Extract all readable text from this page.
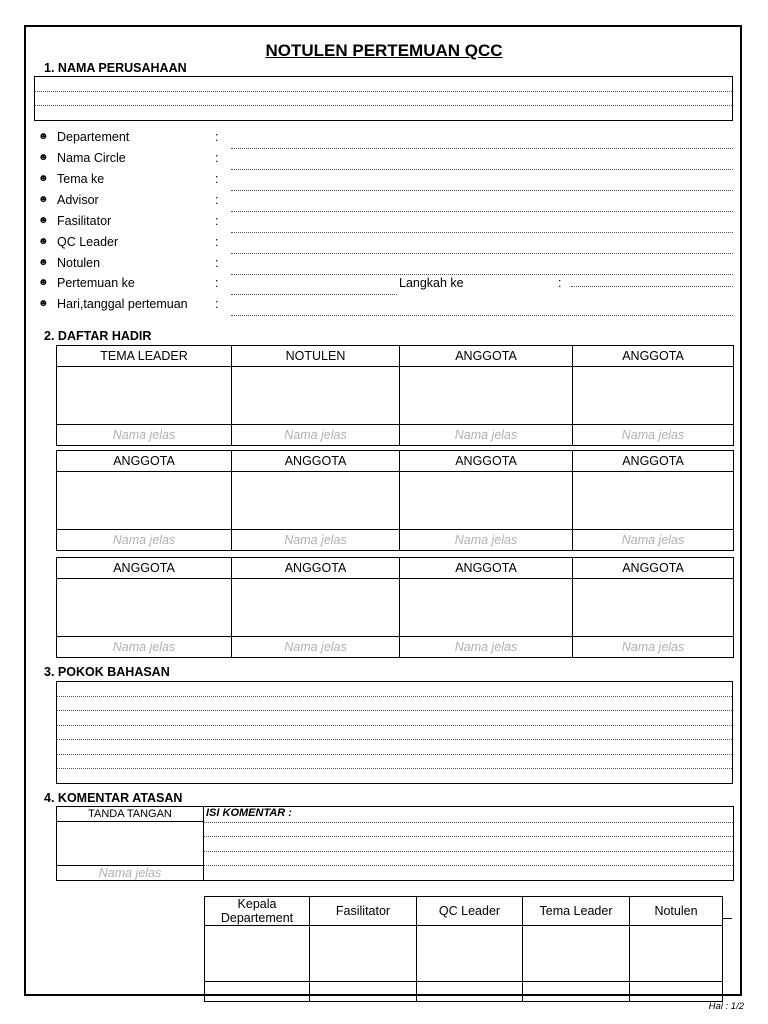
NOTULEN PERTEMUAN QCC
1. NAMA PERUSAHAAN
☻ Departement	:
☻ Nama Circle	:
☻ Tema ke	:
☻ Advisor	:
☻ Fasilitator	:
☻ QC Leader	:
☻ Notulen	:
☻ Pertemuan ke	:	Langkah ke	:
☻ Hari,tanggal pertemuan :
2. DAFTAR HADIR
TEMA LEADER	NOTULEN	ANGGOTA	ANGGOTA

Nama jelas	Nama jelas	Nama jelas	Nama jelas
ANGGOTA	ANGGOTA	ANGGOTA	ANGGOTA

Nama jelas	Nama jelas	Nama jelas	Nama jelas
ANGGOTA	ANGGOTA	ANGGOTA	ANGGOTA

Nama jelas	Nama jelas	Nama jelas	Nama jelas
3. POKOK BAHASAN
4. KOMENTAR ATASAN
TANDA TANGAN	ISI KOMENTAR :

Nama jelas
Kepala Departement	Fasilitator	QC Leader	Tema Leader	Notulen

Hal : 1/2
